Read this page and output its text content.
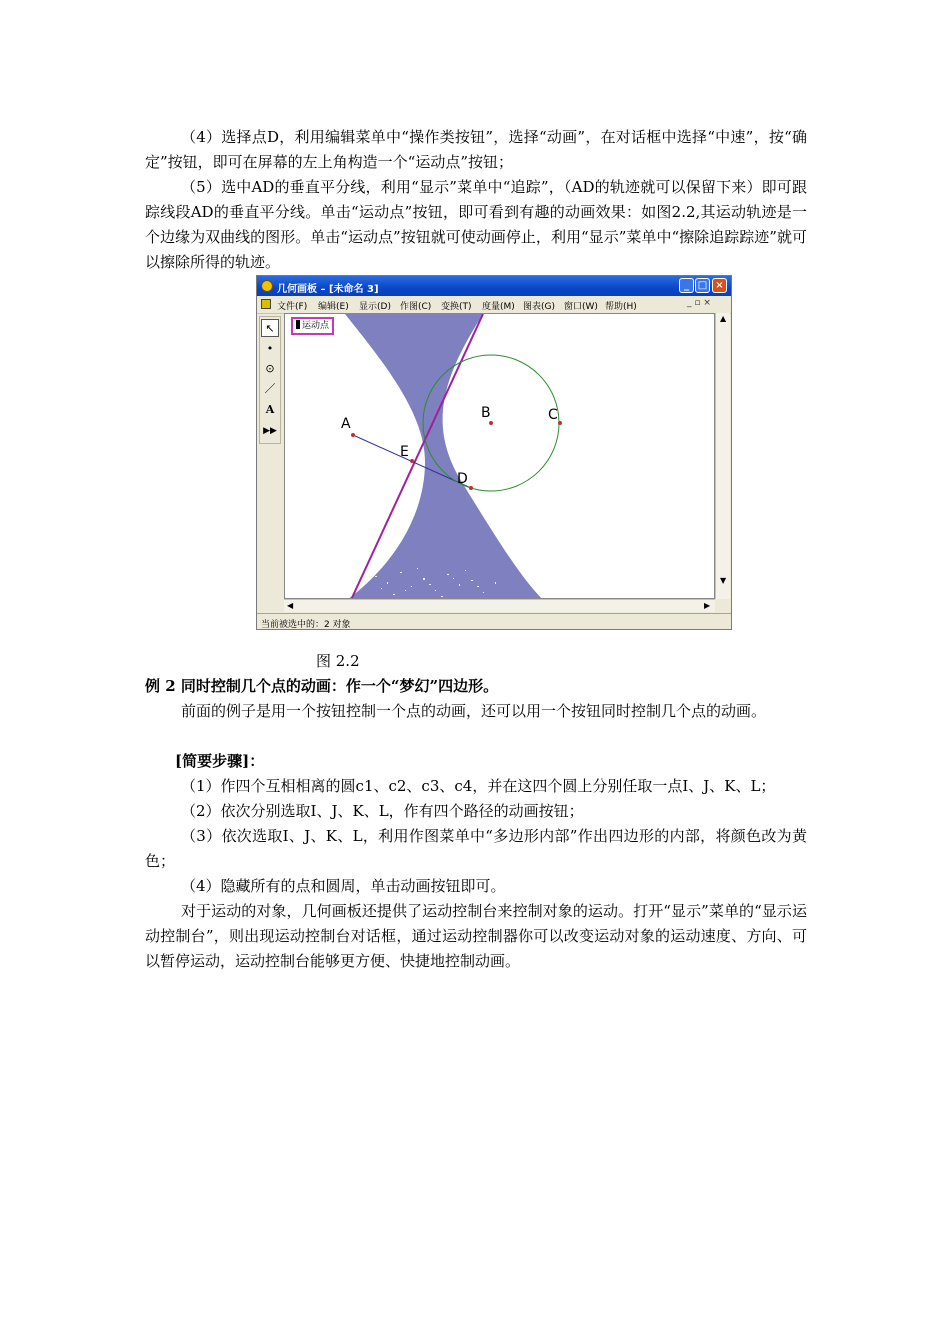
（4）选择点D，利用编辑菜单中“操作类按钮”，选择“动画”，在对话框中选择“中速”，按“确定”按钮，即可在屏幕的左上角构造一个“运动点”按钮；

（5）选中AD的垂直平分线，利用“显示”菜单中“追踪”，（AD的轨迹就可以保留下来）即可跟踪线段AD的垂直平分线。单击“运动点”按钮，即可看到有趣的动画效果：如图2.2,其运动轨迹是一个边缘为双曲线的图形。单击“运动点”按钮就可使动画停止，利用“显示”菜单中“擦除追踪踪迹”就可以擦除所得的轨迹。

几何画板 – [未命名 3]	_ □ ×
文件(F) 编辑(E) 显示(D) 作图(C) 变换(T) 度量(M) 图表(G) 窗口(W) 帮助(H)	_ ▫ ×
↖
•
⊙
／
A
▶▶	A
B	C
D
E
运动点
▲
▼
◀	▶
当前被选中的：2 对象
图 2.2

例 2 同时控制几个点的动画：作一个“梦幻”四边形。

前面的例子是用一个按钮控制一个点的动画，还可以用一个按钮同时控制几个点的动画。

[简要步骤]：

（1）作四个互相相离的圆c1、c2、c3、c4，并在这四个圆上分别任取一点I、J、K、L；

（2）依次分别选取I、J、K、L，作有四个路径的动画按钮；

（3）依次选取I、J、K、L，利用作图菜单中“多边形内部”作出四边形的内部，将颜色改为黄色；

（4）隐藏所有的点和圆周，单击动画按钮即可。

对于运动的对象，几何画板还提供了运动控制台来控制对象的运动。打开“显示”菜单的“显示运动控制台”，则出现运动控制台对话框，通过运动控制器你可以改变运动对象的运动速度、方向、可以暂停运动，运动控制台能够更方便、快捷地控制动画。
